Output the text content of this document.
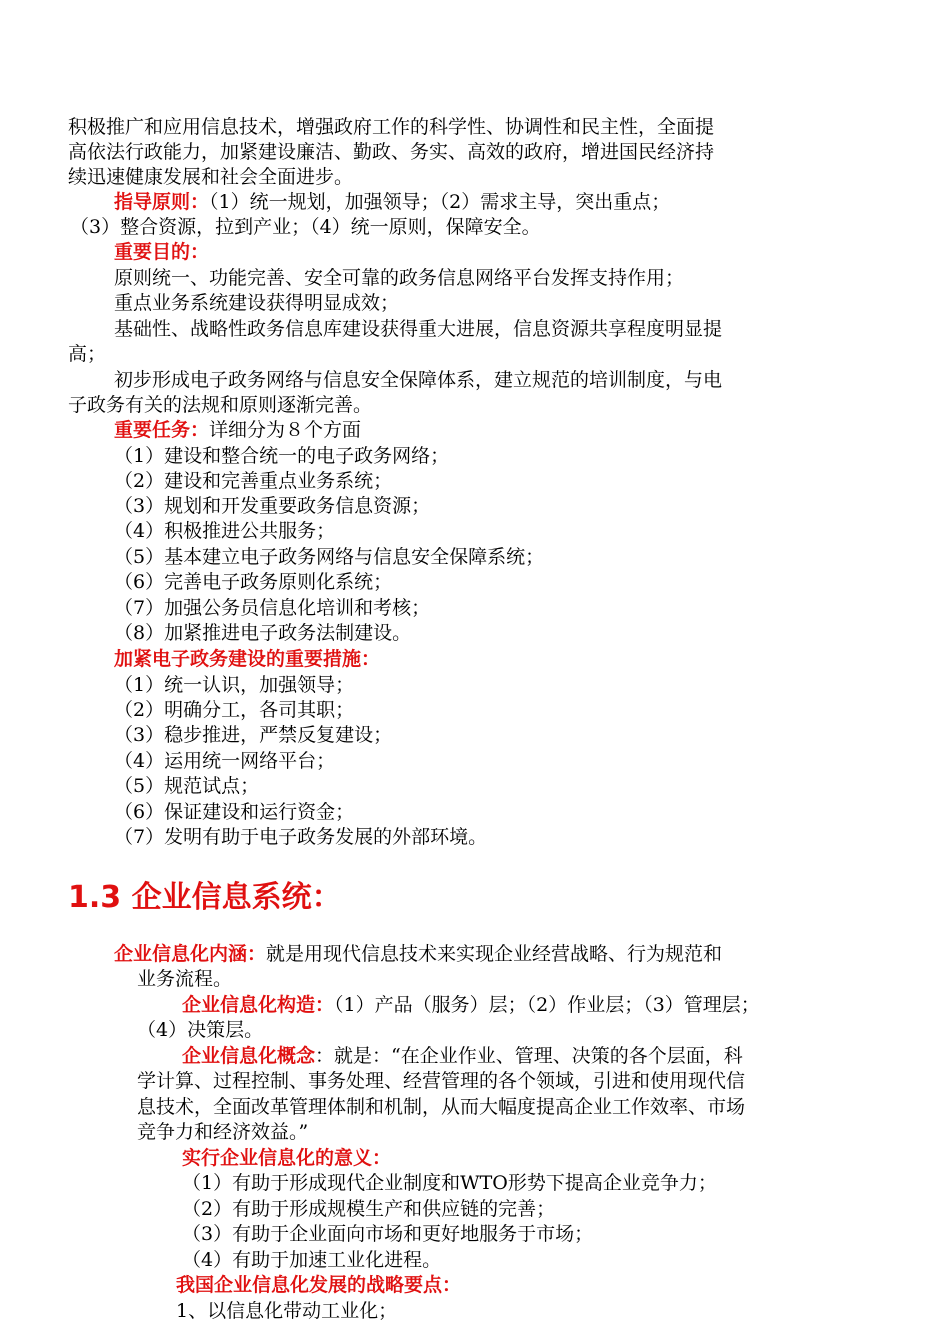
积极推广和应用信息技术，增强政府工作的科学性、协调性和民主性，全面提
高依法行政能力，加紧建设廉洁、勤政、务实、高效的政府，增进国民经济持
续迅速健康发展和社会全面进步。
指导原则：（1）统一规划，加强领导；（2）需求主导，突出重点；
（3）整合资源，拉到产业；（4）统一原则，保障安全。
重要目的：
原则统一、功能完善、安全可靠的政务信息网络平台发挥支持作用；
重点业务系统建设获得明显成效；
基础性、战略性政务信息库建设获得重大进展，信息资源共享程度明显提
高；
初步形成电子政务网络与信息安全保障体系，建立规范的培训制度，与电
子政务有关的法规和原则逐渐完善。
重要任务：详细分为８个方面
（1）建设和整合统一的电子政务网络；
（2）建设和完善重点业务系统；
（3）规划和开发重要政务信息资源；
（4）积极推进公共服务；
（5）基本建立电子政务网络与信息安全保障系统；
（6）完善电子政务原则化系统；
（7）加强公务员信息化培训和考核；
（8）加紧推进电子政务法制建设。
加紧电子政务建设的重要措施：
（1）统一认识，加强领导；
（2）明确分工，各司其职；
（3）稳步推进，严禁反复建设；
（4）运用统一网络平台；
（5）规范试点；
（6）保证建设和运行资金；
（7）发明有助于电子政务发展的外部环境。
1.3 企业信息系统：
企业信息化内涵：就是用现代信息技术来实现企业经营战略、行为规范和
业务流程。
企业信息化构造：（1）产品（服务）层；（2）作业层；（3）管理层；
（4）决策层。
企业信息化概念：就是：“在企业作业、管理、决策的各个层面，科
学计算、过程控制、事务处理、经营管理的各个领域，引进和使用现代信
息技术，全面改革管理体制和机制，从而大幅度提高企业工作效率、市场
竞争力和经济效益。”
实行企业信息化的意义：
（1）有助于形成现代企业制度和WTO形势下提高企业竞争力；
（2）有助于形成规模生产和供应链的完善；
（3）有助于企业面向市场和更好地服务于市场；
（4）有助于加速工业化进程。
我国企业信息化发展的战略要点：
1、以信息化带动工业化；
